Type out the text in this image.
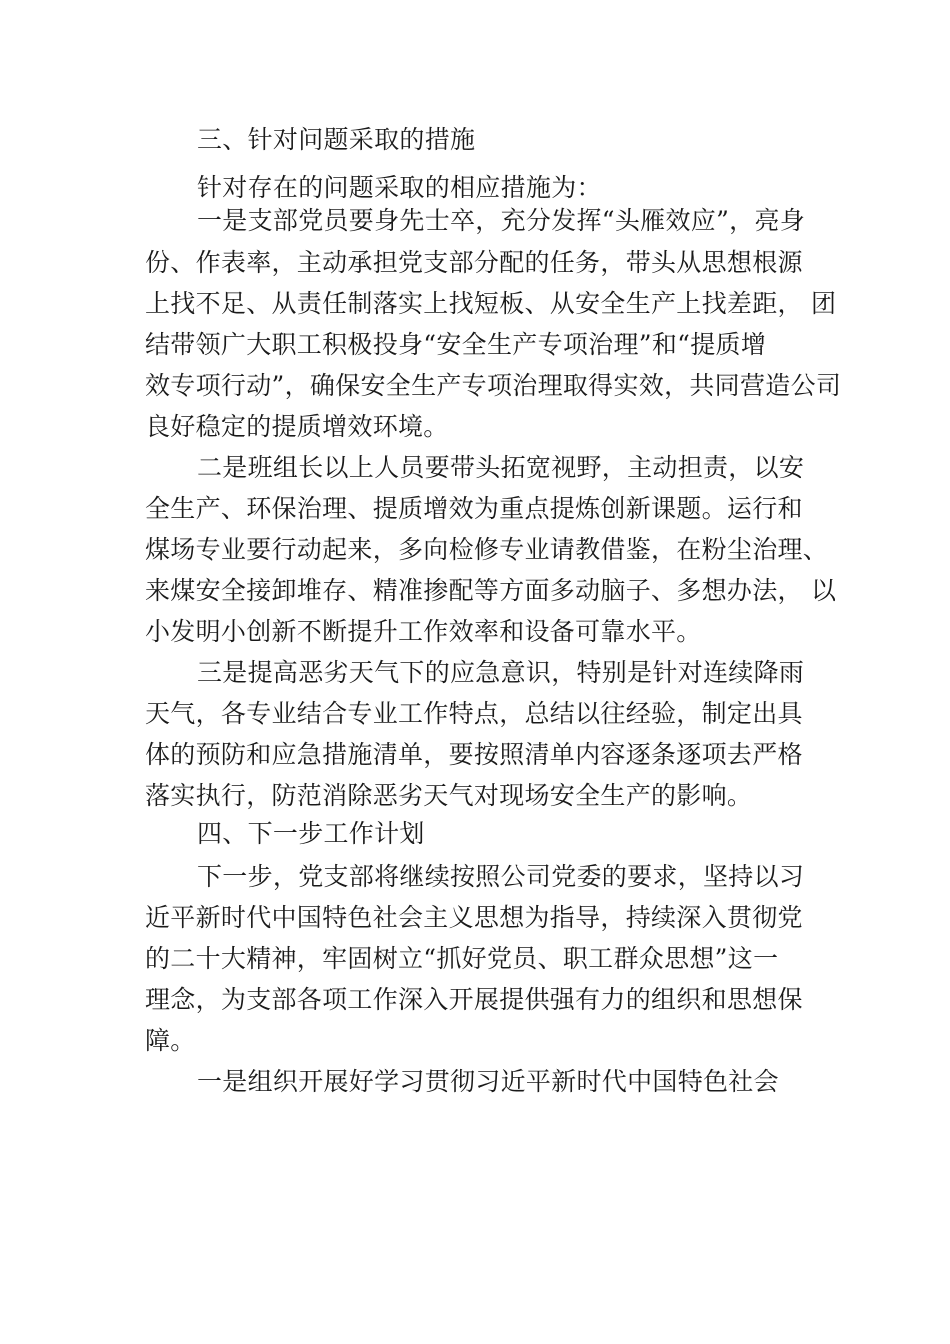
三、针对问题采取的措施
针对存在的问题采取的相应措施为：
一是支部党员要身先士卒，充分发挥“头雁效应”，亮身
份、作表率，主动承担党支部分配的任务，带头从思想根源
上找不足、从责任制落实上找短板、从安全生产上找差距， 团
结带领广大职工积极投身“安全生产专项治理”和“提质增
效专项行动”，确保安全生产专项治理取得实效，共同营造公司
良好稳定的提质增效环境。
二是班组长以上人员要带头拓宽视野，主动担责，以安
全生产、环保治理、提质增效为重点提炼创新课题。运行和
煤场专业要行动起来，多向检修专业请教借鉴，在粉尘治理、
来煤安全接卸堆存、精准掺配等方面多动脑子、多想办法， 以
小发明小创新不断提升工作效率和设备可靠水平。
三是提高恶劣天气下的应急意识，特别是针对连续降雨
天气，各专业结合专业工作特点，总结以往经验，制定出具
体的预防和应急措施清单，要按照清单内容逐条逐项去严格
落实执行，防范消除恶劣天气对现场安全生产的影响。
四、下一步工作计划
下一步，党支部将继续按照公司党委的要求，坚持以习
近平新时代中国特色社会主义思想为指导，持续深入贯彻党
的二十大精神，牢固树立“抓好党员、职工群众思想”这一
理念，为支部各项工作深入开展提供强有力的组织和思想保
障。
一是组织开展好学习贯彻习近平新时代中国特色社会
